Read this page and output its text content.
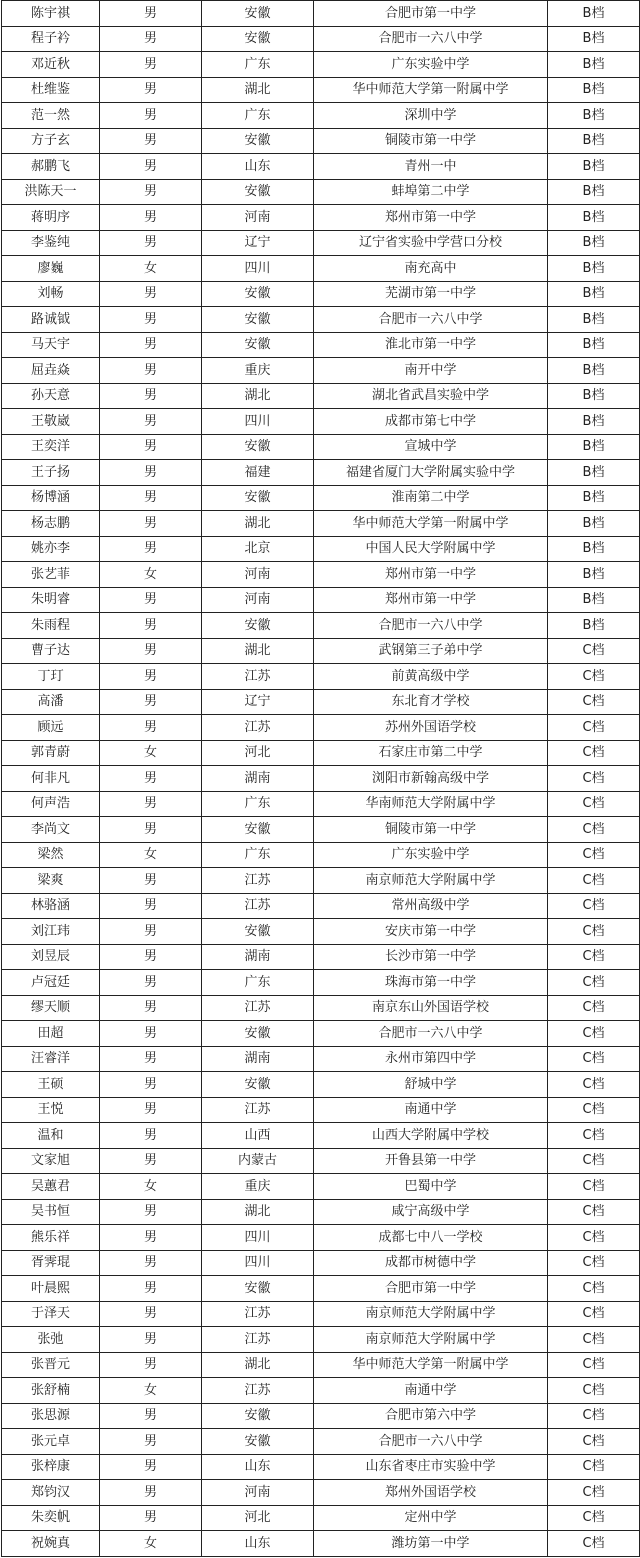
陈宇祺	男	安徽	合肥市第一中学	B档
程子衿	男	安徽	合肥市一六八中学	B档
邓近秋	男	广东	广东实验中学	B档
杜维鉴	男	湖北	华中师范大学第一附属中学	B档
范一然	男	广东	深圳中学	B档
方子玄	男	安徽	铜陵市第一中学	B档
郝鹏飞	男	山东	青州一中	B档
洪陈天一	男	安徽	蚌埠第二中学	B档
蒋明序	男	河南	郑州市第一中学	B档
李鉴纯	男	辽宁	辽宁省实验中学营口分校	B档
廖巍	女	四川	南充高中	B档
刘畅	男	安徽	芜湖市第一中学	B档
路诚钺	男	安徽	合肥市一六八中学	B档
马天宇	男	安徽	淮北市第一中学	B档
屈垚焱	男	重庆	南开中学	B档
孙天意	男	湖北	湖北省武昌实验中学	B档
王敬崴	男	四川	成都市第七中学	B档
王奕洋	男	安徽	宣城中学	B档
王子扬	男	福建	福建省厦门大学附属实验中学	B档
杨博涵	男	安徽	淮南第二中学	B档
杨志鹏	男	湖北	华中师范大学第一附属中学	B档
姚亦李	男	北京	中国人民大学附属中学	B档
张艺菲	女	河南	郑州市第一中学	B档
朱明睿	男	河南	郑州市第一中学	B档
朱雨程	男	安徽	合肥市一六八中学	B档
曹子达	男	湖北	武钢第三子弟中学	C档
丁玎	男	江苏	前黄高级中学	C档
高潘	男	辽宁	东北育才学校	C档
顾远	男	江苏	苏州外国语学校	C档
郭青蔚	女	河北	石家庄市第二中学	C档
何非凡	男	湖南	浏阳市新翰高级中学	C档
何声浩	男	广东	华南师范大学附属中学	C档
李尚文	男	安徽	铜陵市第一中学	C档
梁然	女	广东	广东实验中学	C档
梁爽	男	江苏	南京师范大学附属中学	C档
林骆涵	男	江苏	常州高级中学	C档
刘江玮	男	安徽	安庆市第一中学	C档
刘昱辰	男	湖南	长沙市第一中学	C档
卢冠廷	男	广东	珠海市第一中学	C档
缪天顺	男	江苏	南京东山外国语学校	C档
田超	男	安徽	合肥市一六八中学	C档
汪睿洋	男	湖南	永州市第四中学	C档
王硕	男	安徽	舒城中学	C档
王悦	男	江苏	南通中学	C档
温和	男	山西	山西大学附属中学校	C档
文家旭	男	内蒙古	开鲁县第一中学	C档
吴蕙君	女	重庆	巴蜀中学	C档
吴书恒	男	湖北	咸宁高级中学	C档
熊乐祥	男	四川	成都七中八一学校	C档
胥霁琨	男	四川	成都市树德中学	C档
叶晨熙	男	安徽	合肥市第一中学	C档
于泽天	男	江苏	南京师范大学附属中学	C档
张弛	男	江苏	南京师范大学附属中学	C档
张晋元	男	湖北	华中师范大学第一附属中学	C档
张舒楠	女	江苏	南通中学	C档
张思源	男	安徽	合肥市第六中学	C档
张元卓	男	安徽	合肥市一六八中学	C档
张梓康	男	山东	山东省枣庄市实验中学	C档
郑钧汉	男	河南	郑州外国语学校	C档
朱奕帆	男	河北	定州中学	C档
祝婉真	女	山东	潍坊第一中学	C档
